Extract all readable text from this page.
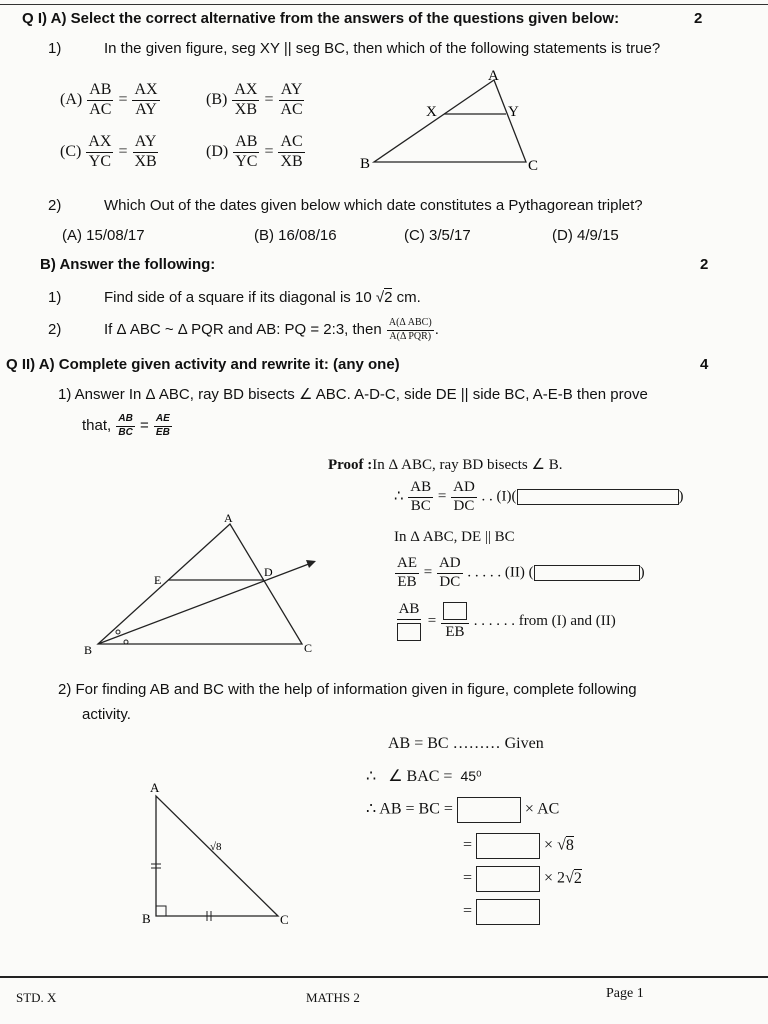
Q I) A) Select the correct alternative from the answers of the questions given below:	2
1)	In the given figure, seg XY || seg BC, then which of the following statements is true?
$(A) \frac{AB}{AC} = \frac{AX}{AY}$	$(B) \frac{AX}{XB} = \frac{AY}{AC}$
$(C) \frac{AX}{YC} = \frac{AY}{XB}$	$(D) \frac{AB}{YC} = \frac{AC}{XB}$
A
X	Y
B	C
2)	Which Out of the dates given below which date constitutes a Pythagorean triplet?
(A) 15/08/17	(B) 16/08/16	(C) 3/5/17	(D) 4/9/15
B) Answer the following:	2
1)	Find side of a square if its diagonal is 10 √2 cm.
2)	If Δ ABC ~ Δ PQR and AB: PQ = 2:3, then A(Δ ABC)
A(Δ PQR) .
Q II) A) Complete given activity and rewrite it: (any one)	4
1) Answer In Δ ABC, ray BD bisects ∠ ABC. A-D-C, side DE || side BC, A-E-B then prove
that, $\frac{AB}{BC} = \frac{AE}{EB}$
Proof :In Δ ABC, ray BD bisects ∠ B.
∴ $\frac{AB}{BC} = \frac{AD}{DC}$ . . (I)(	)
In Δ ABC, DE || BC
$\frac{AE}{EB} = \frac{AD}{DC}$ . . . . . (II) (	)
AB
=
EB
. . . . . . from (I) and (II)
A
E
D
B	C
2) For finding AB and BC with the help of information given in figure, complete following
activity.
AB = BC ……… Given
∴ ∠ BAC = 45⁰
∴ AB = BC =	× AC
=	× √8
=	× 2√2
=
A
B	C
√8
STD. X	MATHS 2	Page 1
